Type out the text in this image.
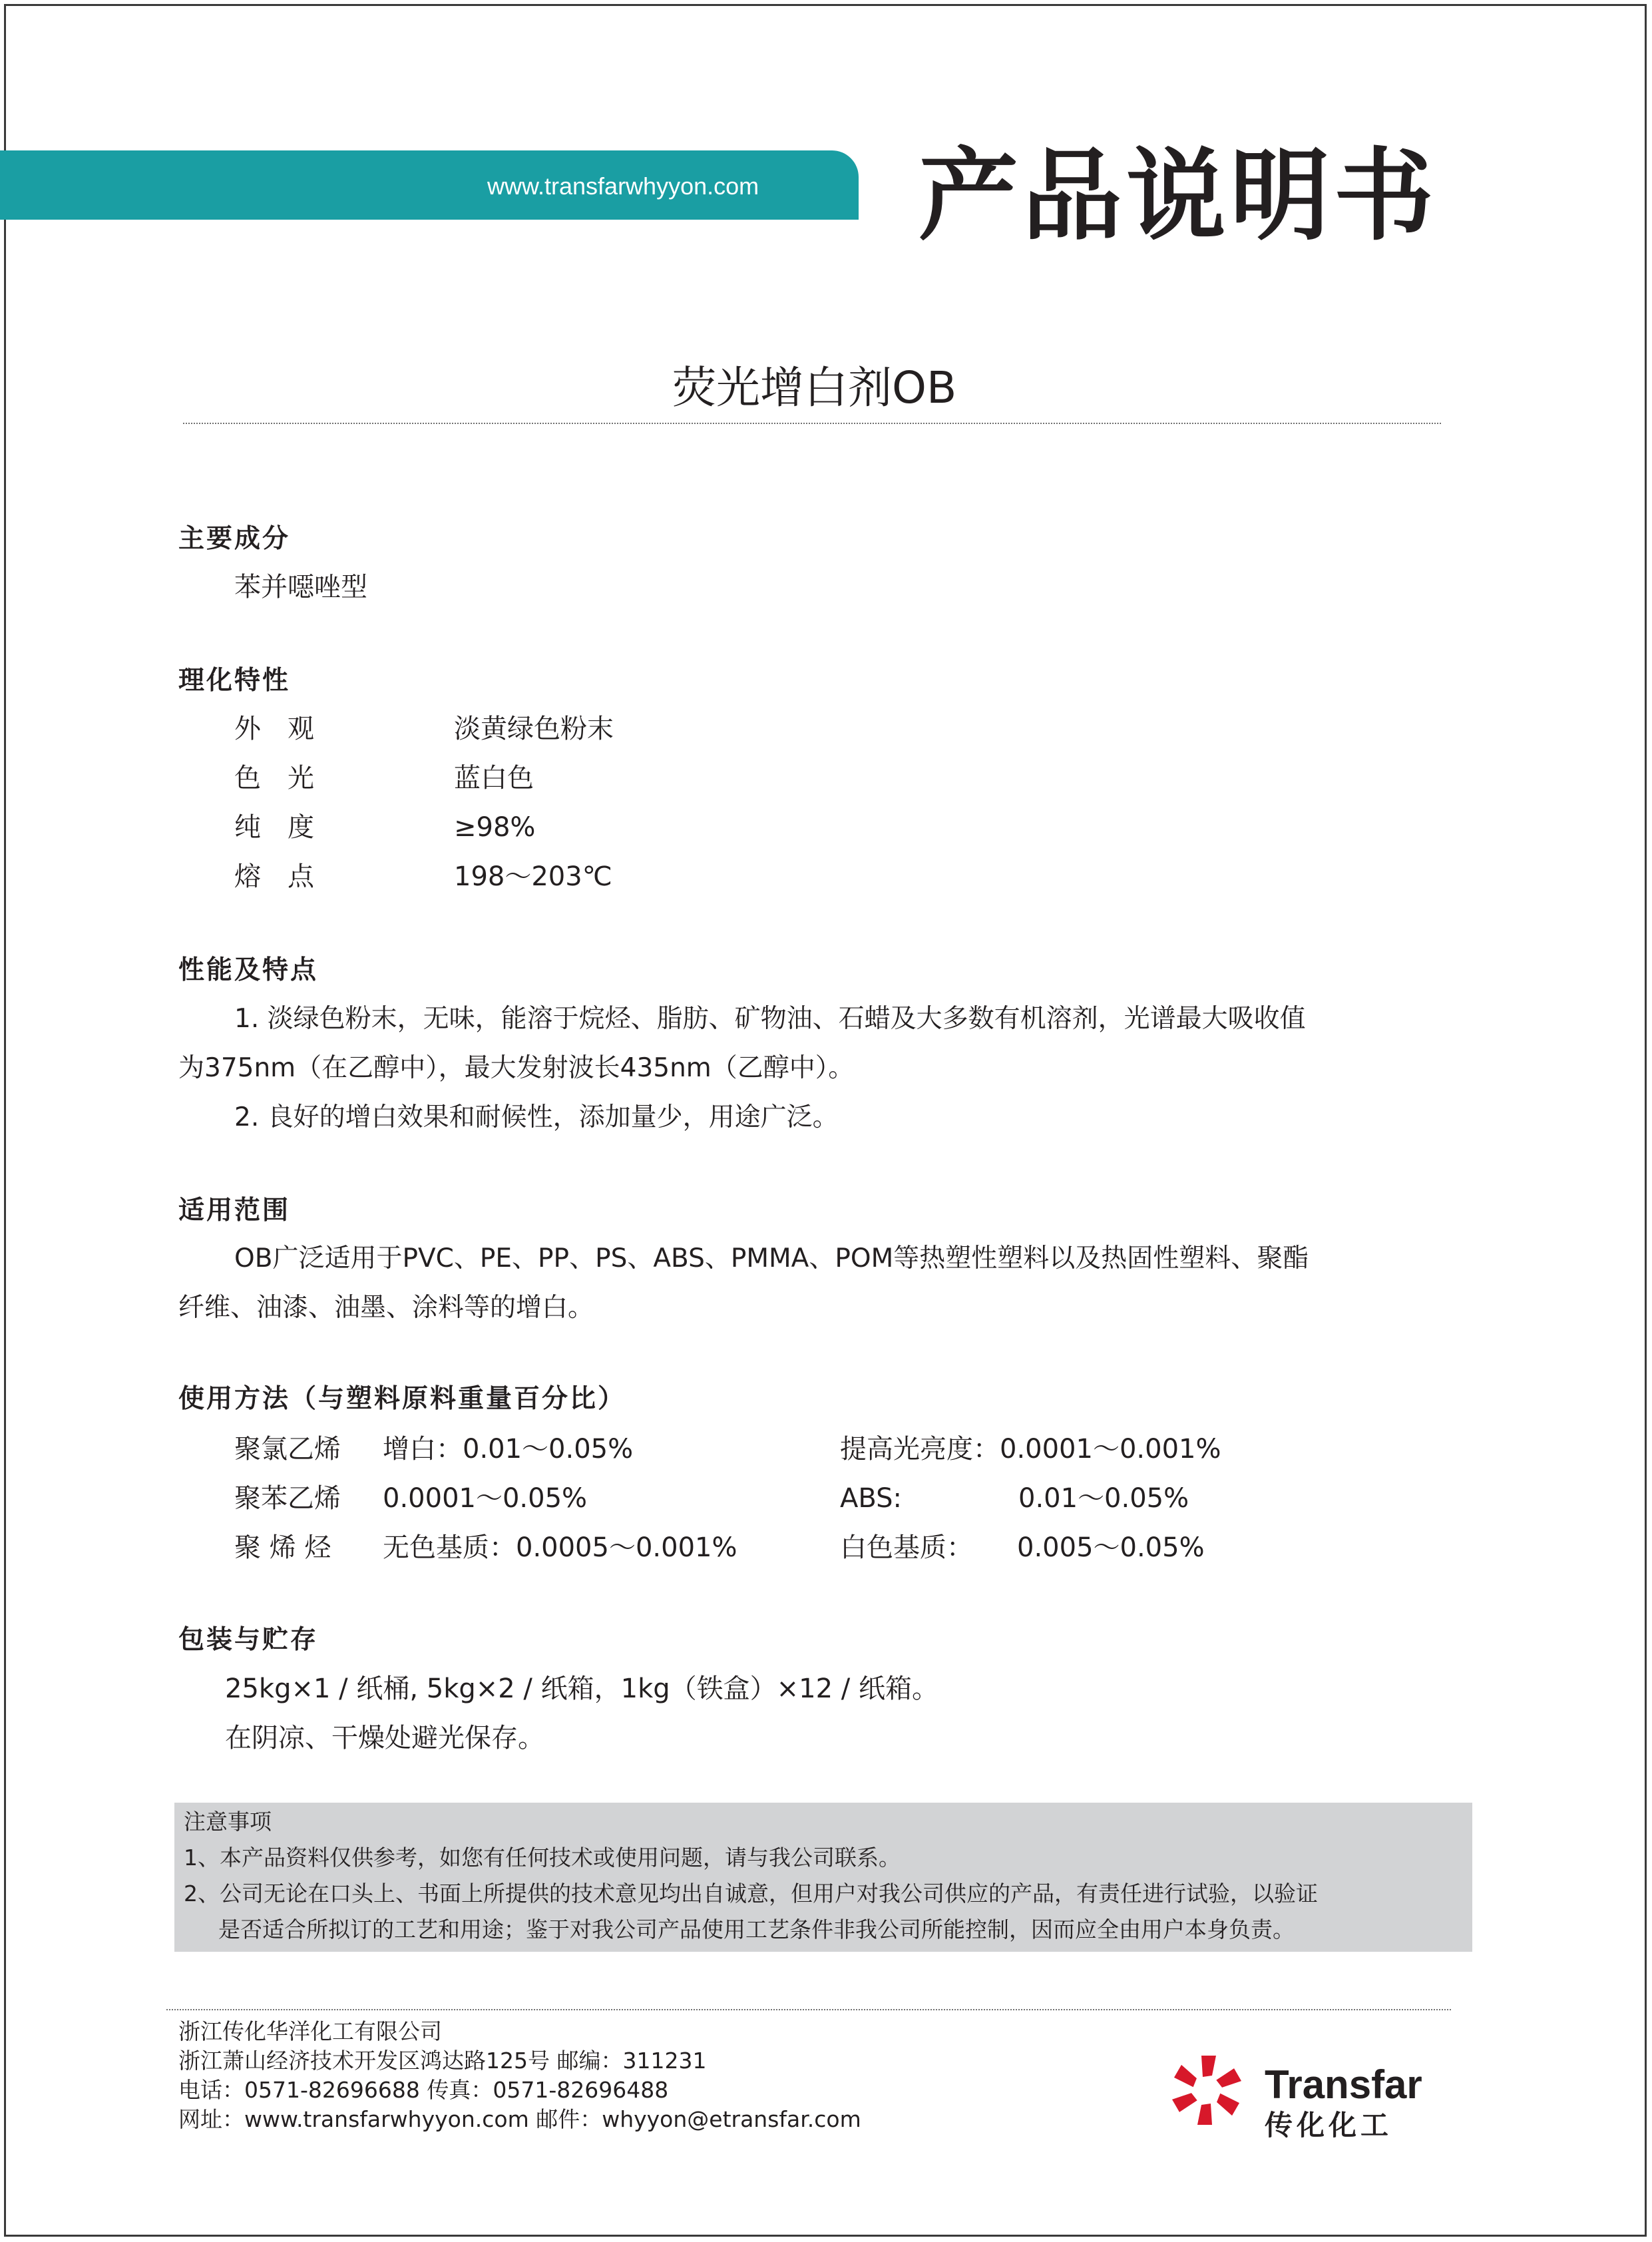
www.transfarwhyyon.com 产品说明书
荧光增白剂OB
主要成分
苯并噁唑型
理化特性
外　观	淡黄绿色粉末
色　光	蓝白色
纯　度	≥98%
熔　点	198～203℃
性能及特点
1. 淡绿色粉末，无味，能溶于烷烃、脂肪、矿物油、石蜡及大多数有机溶剂，光谱最大吸收值
为375nm（在乙醇中），最大发射波长435nm（乙醇中）。
2. 良好的增白效果和耐候性，添加量少，用途广泛。
适用范围
OB广泛适用于PVC、PE、PP、PS、ABS、PMMA、POM等热塑性塑料以及热固性塑料、聚酯
纤维、油漆、油墨、涂料等的增白。
使用方法（与塑料原料重量百分比）
聚氯乙烯 增白：0.01～0.05%	提高光亮度：0.0001～0.001%
聚苯乙烯 0.0001～0.05%	ABS:	0.01～0.05%
聚 烯 烃 无色基质：0.0005～0.001%	白色基质： 0.005～0.05%
包装与贮存
25kg×1 / 纸桶, 5kg×2 / 纸箱，1kg（铁盒）×12 / 纸箱。
在阴凉、干燥处避光保存。
注意事项
1、本产品资料仅供参考，如您有任何技术或使用问题，请与我公司联系。
2、公司无论在口头上、书面上所提供的技术意见均出自诚意，但用户对我公司供应的产品，有责任进行试验，以验证
是否适合所拟订的工艺和用途；鉴于对我公司产品使用工艺条件非我公司所能控制，因而应全由用户本身负责。
浙江传化华洋化工有限公司
浙江萧山经济技术开发区鸿达路125号 邮编：311231
电话：0571-82696688 传真：0571-82696488
网址：www.transfarwhyyon.com 邮件：whyyon@etransfar.com
Transfar
传化化工
